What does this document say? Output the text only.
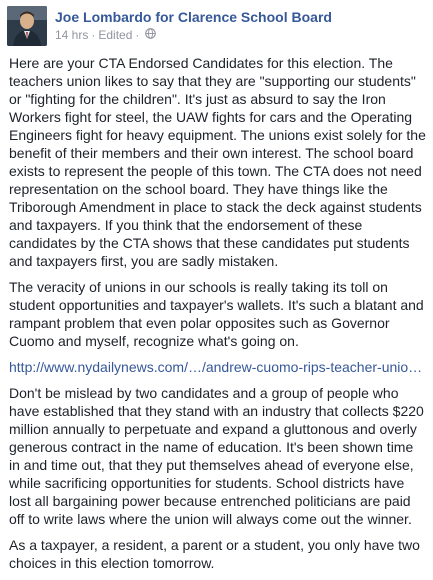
Joe Lombardo for Clarence School Board
14 hrs · Edited ·

Here are your CTA Endorsed Candidates for this election. The teachers union likes to say that they are "supporting our students" or "fighting for the children". It's just as absurd to say the Iron Workers fight for steel, the UAW fights for cars and the Operating Engineers fight for heavy equipment. The unions exist solely for the benefit of their members and their own interest. The school board exists to represent the people of this town. The CTA does not need representation on the school board. They have things like the Triborough Amendment in place to stack the deck against students and taxpayers. If you think that the endorsement of these candidates by the CTA shows that these candidates put students and taxpayers first, you are sadly mistaken.

The veracity of unions in our schools is really taking its toll on student opportunities and taxpayer's wallets. It's such a blatant and rampant problem that even polar opposites such as Governor Cuomo and myself, recognize what's going on.

http://www.nydailynews.com/…/andrew-cuomo-rips-teacher-unio…

Don't be mislead by two candidates and a group of people who have established that they stand with an industry that collects $220 million annually to perpetuate and expand a gluttonous and overly generous contract in the name of education. It's been shown time in and time out, that they put themselves ahead of everyone else, while sacrificing opportunities for students. School districts have lost all bargaining power because entrenched politicians are paid off to write laws where the union will always come out the winner.

As a taxpayer, a resident, a parent or a student, you only have two choices in this election tomorrow.
